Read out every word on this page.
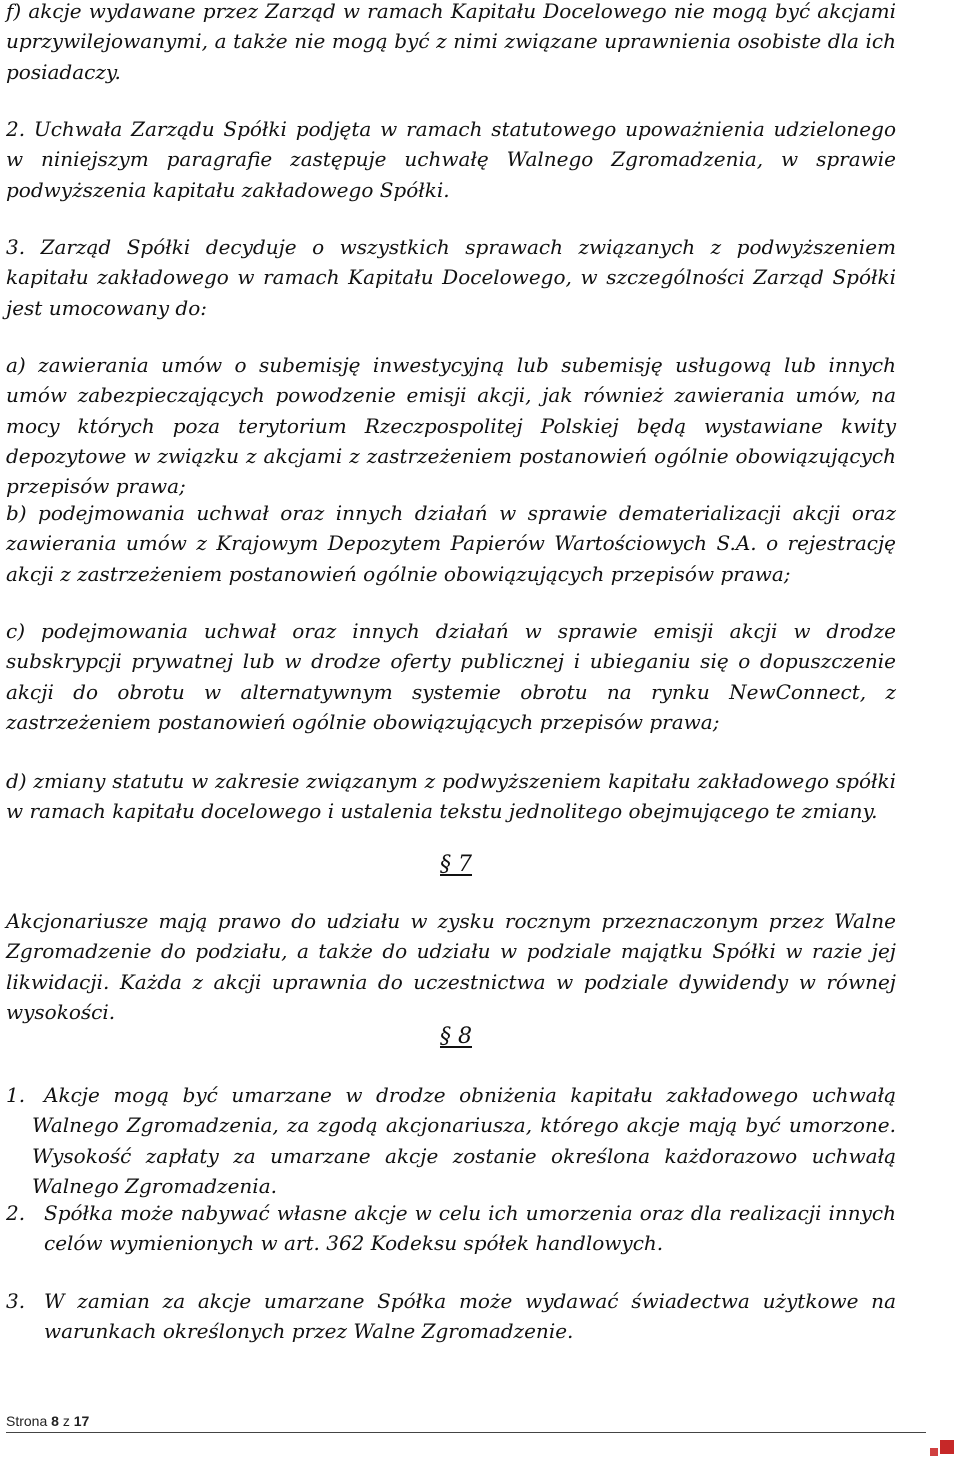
f) akcje wydawane przez Zarząd w ramach Kapitału Docelowego nie mogą być akcjami uprzywilejowanymi, a także nie mogą być z nimi związane uprawnienia osobiste dla ich posiadaczy.

2. Uchwała Zarządu Spółki podjęta w ramach statutowego upoważnienia udzielonego w niniejszym paragrafie zastępuje uchwałę Walnego Zgromadzenia, w sprawie podwyższenia kapitału zakładowego Spółki.

3. Zarząd Spółki decyduje o wszystkich sprawach związanych z podwyższeniem kapitału zakładowego w ramach Kapitału Docelowego, w szczególności Zarząd Spółki jest umocowany do:

a) zawierania umów o subemisję inwestycyjną lub subemisję usługową lub innych umów zabezpieczających powodzenie emisji akcji, jak również zawierania umów, na mocy których poza terytorium Rzeczpospolitej Polskiej będą wystawiane kwity depozytowe w związku z akcjami z zastrzeżeniem postanowień ogólnie obowiązujących przepisów prawa;

b) podejmowania uchwał oraz innych działań w sprawie dematerializacji akcji oraz zawierania umów z Krajowym Depozytem Papierów Wartościowych S.A. o rejestrację akcji z zastrzeżeniem postanowień ogólnie obowiązujących przepisów prawa;

c) podejmowania uchwał oraz innych działań w sprawie emisji akcji w drodze subskrypcji prywatnej lub w drodze oferty publicznej i ubieganiu się o dopuszczenie akcji do obrotu w alternatywnym systemie obrotu na rynku NewConnect, z zastrzeżeniem postanowień ogólnie obowiązujących przepisów prawa;

d) zmiany statutu w zakresie związanym z podwyższeniem kapitału zakładowego spółki w ramach kapitału docelowego i ustalenia tekstu jednolitego obejmującego te zmiany.

§ 7

Akcjonariusze mają prawo do udziału w zysku rocznym przeznaczonym przez Walne Zgromadzenie do podziału, a także do udziału w podziale majątku Spółki w razie jej likwidacji. Każda z akcji uprawnia do uczestnictwa w podziale dywidendy w równej wysokości.

§ 8

1. Akcje mogą być umarzane w drodze obniżenia kapitału zakładowego uchwałą Walnego Zgromadzenia, za zgodą akcjonariusza, którego akcje mają być umorzone. Wysokość zapłaty za umarzane akcje zostanie określona każdorazowo uchwałą Walnego Zgromadzenia.
2. Spółka może nabywać własne akcje w celu ich umorzenia oraz dla realizacji innych celów wymienionych w art. 362 Kodeksu spółek handlowych.
3. W zamian za akcje umarzane Spółka może wydawać świadectwa użytkowe na warunkach określonych przez Walne Zgromadzenie.
Strona 8 z 17
